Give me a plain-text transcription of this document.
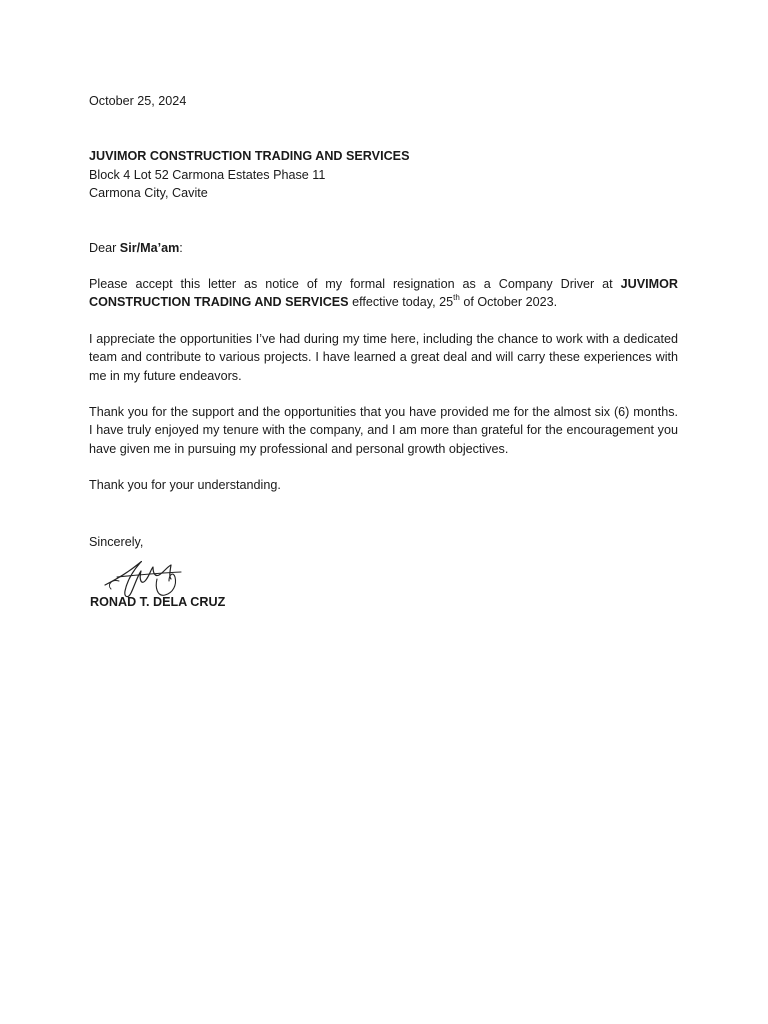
October 25, 2024
JUVIMOR CONSTRUCTION TRADING AND SERVICES
Block 4 Lot 52 Carmona Estates Phase 11
Carmona City, Cavite
Dear Sir/Ma’am:

Please accept this letter as notice of my formal resignation as a Company Driver at JUVIMOR CONSTRUCTION TRADING AND SERVICES effective today, 25th of October 2023.

I appreciate the opportunities I’ve had during my time here, including the chance to work with a dedicated team and contribute to various projects. I have learned a great deal and will carry these experiences with me in my future endeavors.

Thank you for the support and the opportunities that you have provided me for the almost six (6) months. I have truly enjoyed my tenure with the company, and I am more than grateful for the encouragement you have given me in pursuing my professional and personal growth objectives.

Thank you for your understanding.

Sincerely,
RONAD T. DELA CRUZ
